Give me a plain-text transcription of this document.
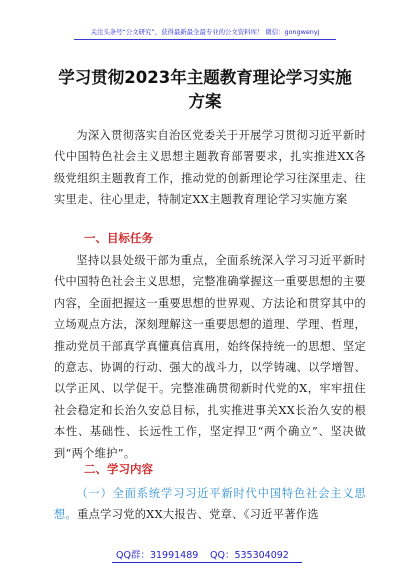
关注头条号“公文研究”，获得最新最全最专业的公文资料库！ 微信：gongwenyj
学习贯彻2023年主题教育理论学习实施
方案
为深入贯彻落实自治区党委关于开展学习贯彻习近平新时代中国特色社会主义思想主题教育部署要求，扎实推进XX各级党组织主题教育工作，推动党的创新理论学习往深里走、往实里走、往心里走，特制定XX主题教育理论学习实施方案
一、目标任务
坚持以县处级干部为重点，全面系统深入学习习近平新时代中国特色社会主义思想，完整准确掌握这一重要思想的主要内容，全面把握这一重要思想的世界观、方法论和贯穿其中的立场观点方法，深刻理解这一重要思想的道理、学理、哲理，推动党员干部真学真懂真信真用，始终保持统一的思想、坚定的意志、协调的行动、强大的战斗力，以学铸魂、以学增智、以学正风、以学促干。完整准确贯彻新时代党的X，牢牢扭住社会稳定和长治久安总目标，扎实推进事关XX长治久安的根本性、基础性、长远性工作，坚定捍卫“两个确立”、坚决做到“两个维护”。
二、学习内容
（一）全面系统学习习近平新时代中国特色社会主义思想。重点学习党的XX大报告、党章、《习近平著作选
QQ群：31991489 QQ：535304092
